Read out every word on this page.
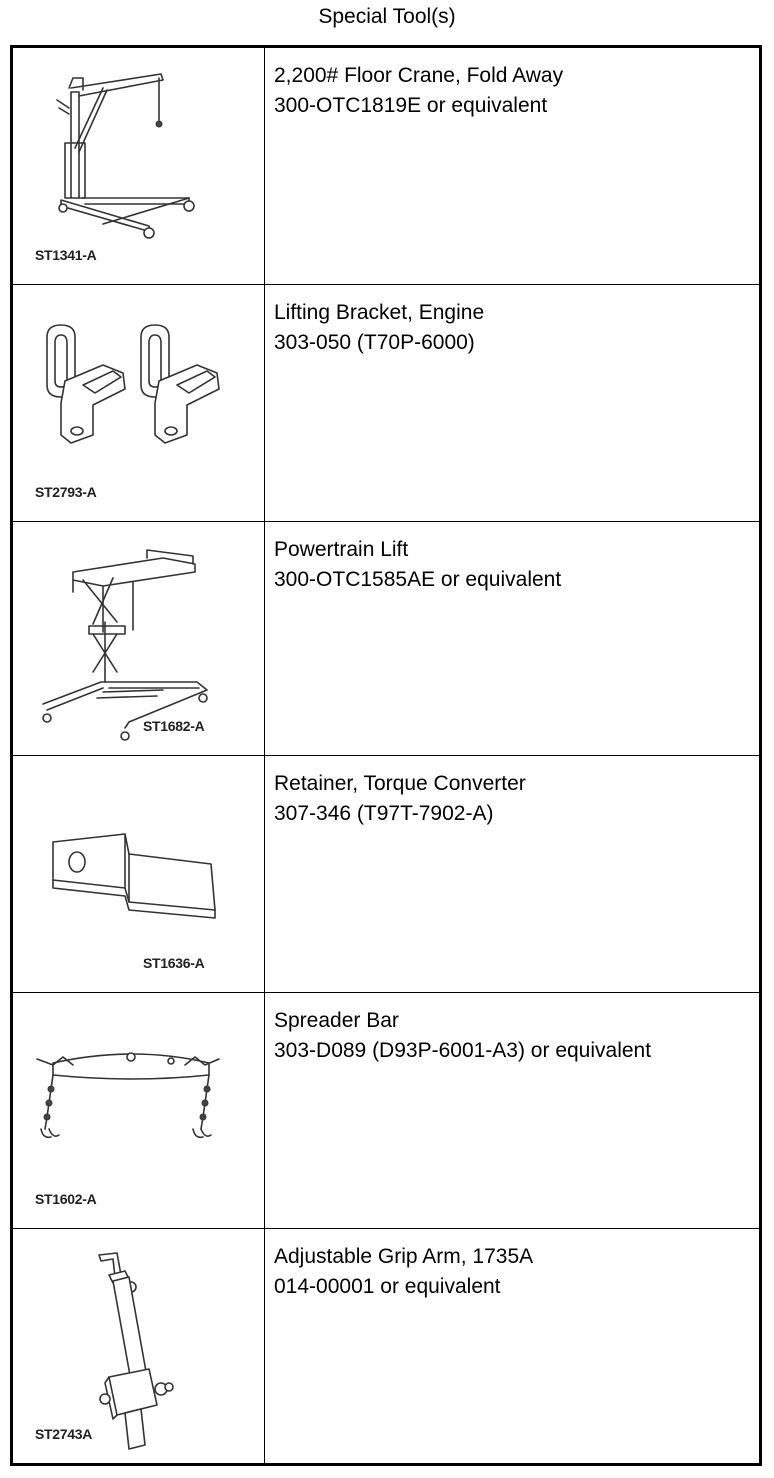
Special Tool(s)
ST1341-A
2,200# Floor Crane, Fold Away
300-OTC1819E or equivalent
ST2793-A
Lifting Bracket, Engine
303-050 (T70P-6000)
ST1682-A
Powertrain Lift
300-OTC1585AE or equivalent
ST1636-A
Retainer, Torque Converter
307-346 (T97T-7902-A)
ST1602-A
Spreader Bar
303-D089 (D93P-6001-A3) or equivalent
ST2743A
Adjustable Grip Arm, 1735A
014-00001 or equivalent
